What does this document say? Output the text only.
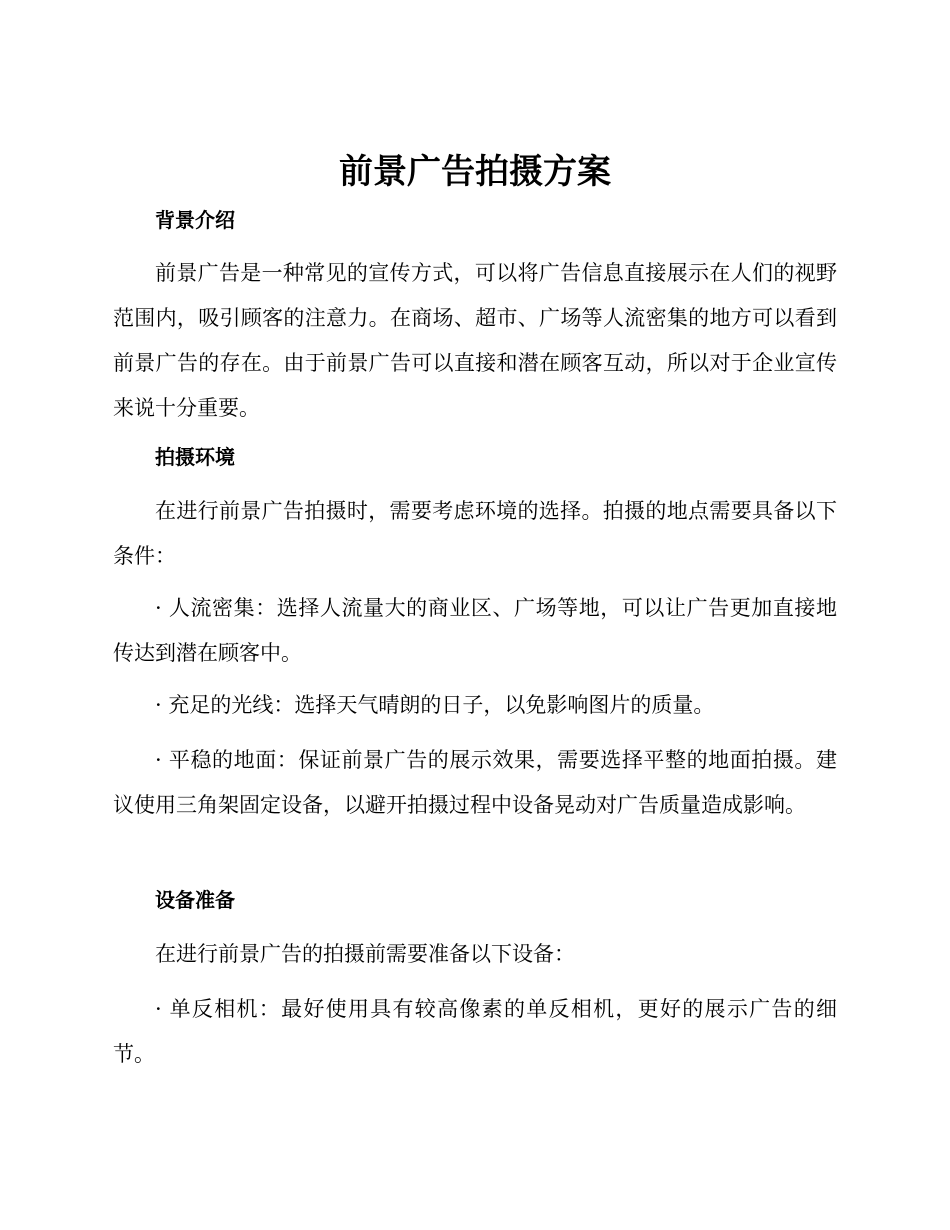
前景广告拍摄方案
背景介绍

前景广告是一种常见的宣传方式，可以将广告信息直接展示在人们的视野范围内，吸引顾客的注意力。在商场、超市、广场等人流密集的地方可以看到前景广告的存在。由于前景广告可以直接和潜在顾客互动，所以对于企业宣传来说十分重要。

拍摄环境

在进行前景广告拍摄时，需要考虑环境的选择。拍摄的地点需要具备以下条件：

· 人流密集：选择人流量大的商业区、广场等地，可以让广告更加直接地传达到潜在顾客中。

· 充足的光线：选择天气晴朗的日子，以免影响图片的质量。

· 平稳的地面：保证前景广告的展示效果，需要选择平整的地面拍摄。建议使用三角架固定设备，以避开拍摄过程中设备晃动对广告质量造成影响。

设备准备

在进行前景广告的拍摄前需要准备以下设备：

· 单反相机：最好使用具有较高像素的单反相机，更好的展示广告的细节。
